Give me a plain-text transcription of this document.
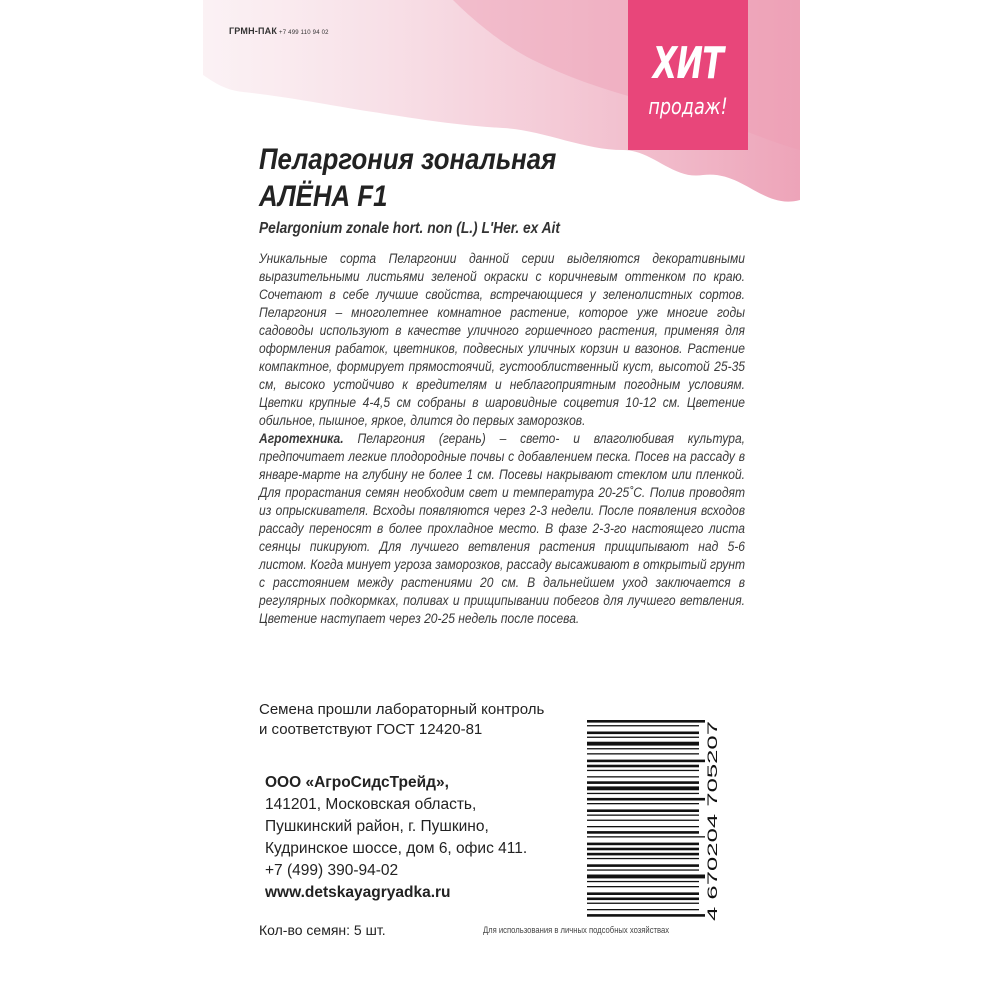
ГРМН-ПАК +7 499 110 94 02
ХИТ
продаж!
Пеларгония зональная
АЛЁНА F1
Pelargonium zonale hort. non (L.) L'Her. ex Ait

Уникальные сорта Пеларгонии данной серии выделяются декоративными выразительными листьями зеленой окраски с коричневым оттенком по краю. Сочетают в себе лучшие свойства, встречающиеся у зеленолистных сортов. Пеларгония – многолетнее комнатное растение, которое уже многие годы садоводы используют в качестве уличного горшечного растения, применяя для оформления рабаток, цветников, подвесных уличных корзин и вазонов. Растение компактное, формирует прямостоячий, густооблиственный куст, высотой 25-35 см, высоко устойчиво к вредителям и неблагоприятным погодным условиям. Цветки крупные 4-4,5 см собраны в шаровидные соцветия 10-12 см. Цветение обильное, пышное, яркое, длится до первых заморозков.

Агротехника. Пеларгония (герань) – свето- и влаголюбивая культура, предпочитает легкие плодородные почвы с добавлением песка. Посев на рассаду в январе-марте на глубину не более 1 см. Посевы накрывают стеклом или пленкой. Для прорастания семян необходим свет и температура 20-25˚С. Полив проводят из опрыскивателя. Всходы появляются через 2-3 недели. После появления всходов рассаду переносят в более прохладное место. В фазе 2-3-го настоящего листа сеянцы пикируют. Для лучшего ветвления растения прищипывают над 5-6 листом. Когда минует угроза заморозков, рассаду высаживают в открытый грунт с расстоянием между растениями 20 см. В дальнейшем уход заключается в регулярных подкормках, поливах и прищипывании побегов для лучшего ветвления. Цветение наступает через 20-25 недель после посева.

Семена прошли лабораторный контроль
и соответствуют ГОСТ 12420-81
ООО «АгроСидсТрейд»,
141201, Московская область,
Пушкинский район, г. Пушкино,
Кудринское шоссе, дом 6, офис 411.
+7 (499) 390-94-02
www.detskayagryadka.ru	4 670204 705207
Кол-во семян: 5 шт.	Для использования в личных подсобных хозяйствах
